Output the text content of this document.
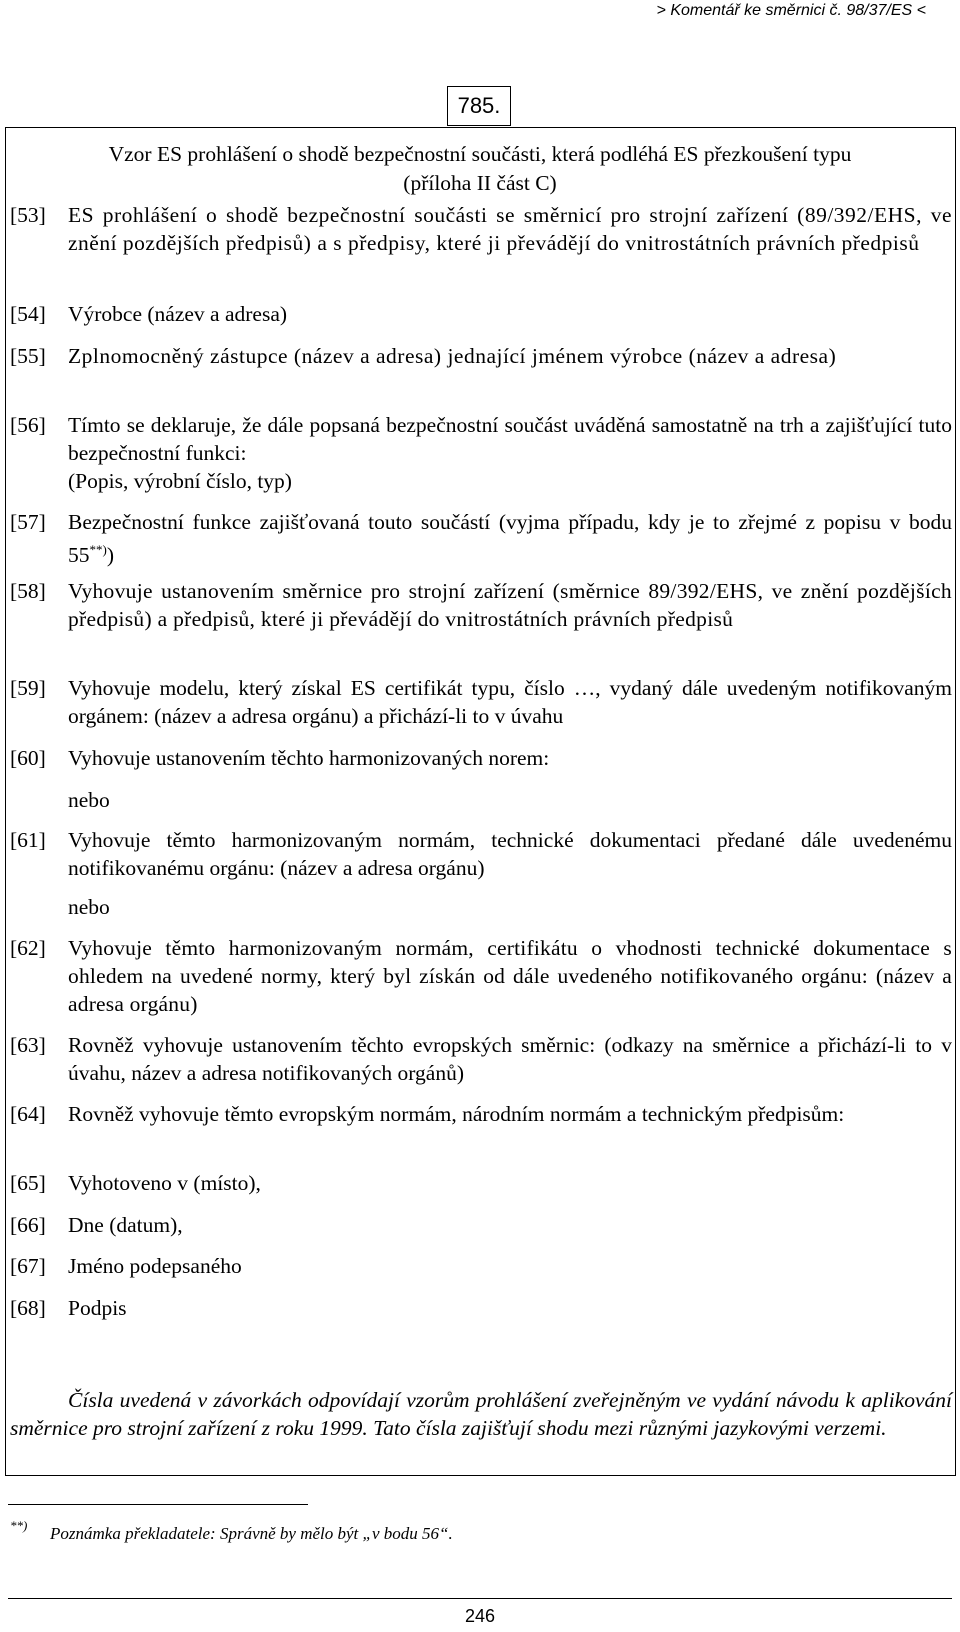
> Komentář ke směrnici č. 98/37/ES <
785.
Vzor ES prohlášení o shodě bezpečnostní součásti, která podléhá ES přezkoušení typu
(příloha II část C)
[53] ES prohlášení o shodě bezpečnostní součásti se směrnicí pro strojní zařízení (89/392/EHS, ve znění pozdějších předpisů) a s předpisy, které ji převádějí do vnitrostátních právních předpisů
[54] Výrobce (název a adresa)
[55] Zplnomocněný zástupce (název a adresa) jednající jménem výrobce (název a adresa)
[56] Tímto se deklaruje, že dále popsaná bezpečnostní součást uváděná samostatně na trh a zajišťující tuto bezpečnostní funkci:
(Popis, výrobní číslo, typ)
[57] Bezpečnostní funkce zajišťovaná touto součástí (vyjma případu, kdy je to zřejmé z popisu v bodu 55**))
[58] Vyhovuje ustanovením směrnice pro strojní zařízení (směrnice 89/392/EHS, ve znění pozdějších předpisů) a předpisů, které ji převádějí do vnitrostátních právních předpisů
[59] Vyhovuje modelu, který získal ES certifikát typu, číslo …, vydaný dále uvedeným notifikovaným orgánem: (název a adresa orgánu) a přichází-li to v úvahu
[60] Vyhovuje ustanovením těchto harmonizovaných norem:
nebo
[61] Vyhovuje těmto harmonizovaným normám, technické dokumentaci předané dále uvedenému notifikovanému orgánu: (název a adresa orgánu)
nebo
[62] Vyhovuje těmto harmonizovaným normám, certifikátu o vhodnosti technické dokumentace s ohledem na uvedené normy, který byl získán od dále uvedeného notifikovaného orgánu: (název a adresa orgánu)
[63] Rovněž vyhovuje ustanovením těchto evropských směrnic: (odkazy na směrnice a přichází-li to v úvahu, název a adresa notifikovaných orgánů)
[64] Rovněž vyhovuje těmto evropským normám, národním normám a technickým předpisům:
[65] Vyhotoveno v (místo),
[66] Dne (datum),
[67] Jméno podepsaného
[68] Podpis
Čísla uvedená v závorkách odpovídají vzorům prohlášení zveřejněným ve vydání návodu k aplikování směrnice pro strojní zařízení z roku 1999. Tato čísla zajišťují shodu mezi různými jazykovými verzemi.
**) Poznámka překladatele: Správně by mělo být „v bodu 56“.
246
